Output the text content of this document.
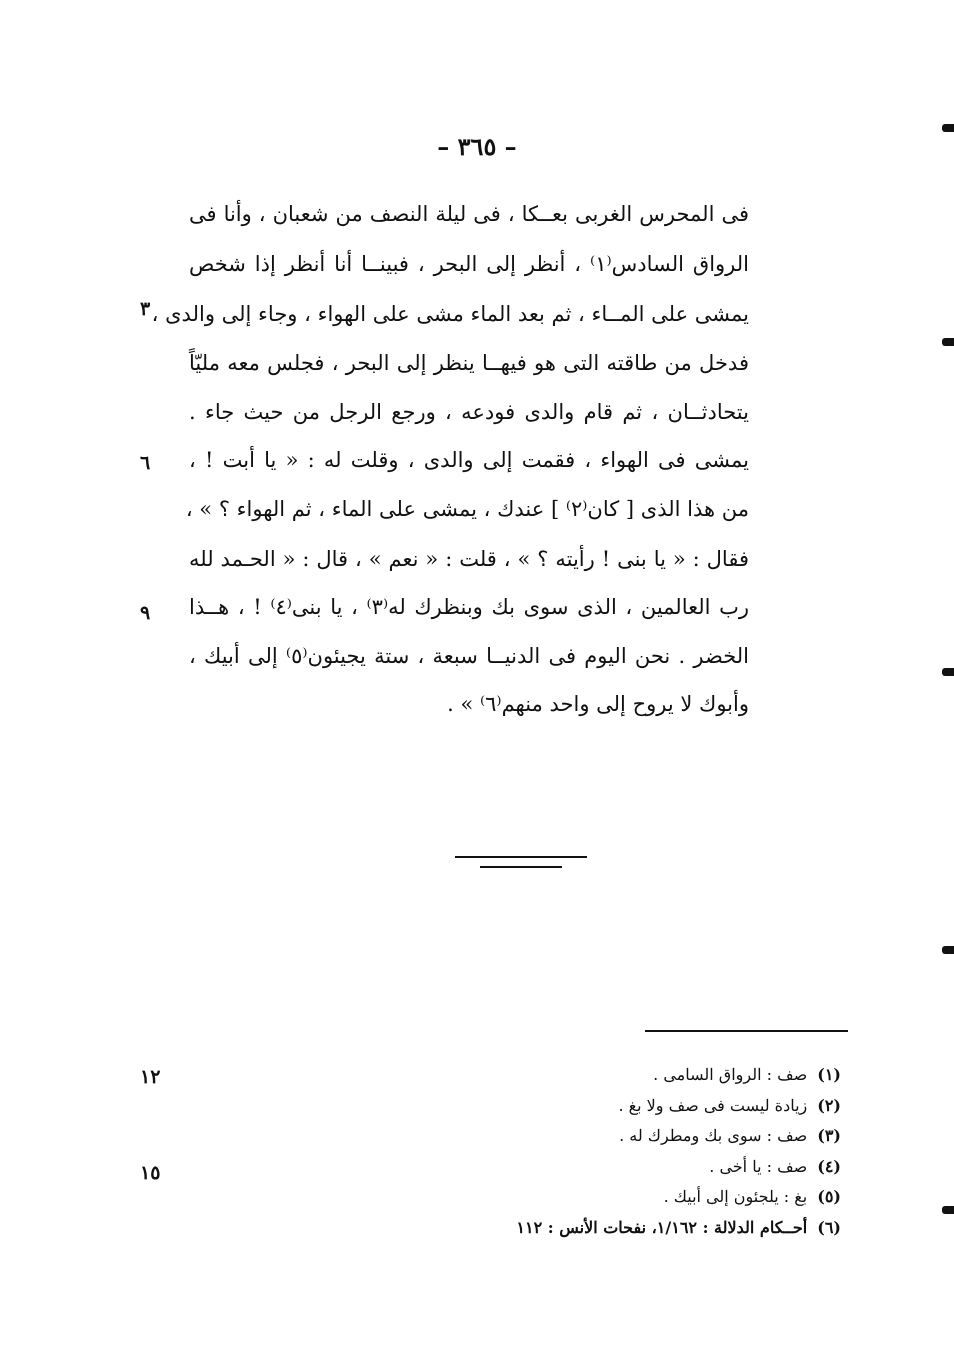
– ٣٦٥ –
فى المحرس الغربى بعــكا ، فى ليلة النصف من شعبان ، وأنا فى
الرواق السادس⁽١⁾ ، أنظر إلى البحر ، فبينــا أنا أنظر إذا شخص
يمشى على المــاء ، ثم بعد الماء مشى على الهواء ، وجاء إلى والدى ،
فدخل من طاقته التى هو فيهــا ينظر إلى البحر ، فجلس معه مليّاً
يتحادثــان ، ثم قام والدى فودعه ، ورجع الرجل من حيث جاء .
يمشى فى الهواء ، فقمت إلى والدى ، وقلت له : « يا أبت ! ،
من هذا الذى [ كان⁽٢⁾ ] عندك ، يمشى على الماء ، ثم الهواء ؟ » ،
فقال : « يا بنى ! رأيته ؟ » ، قلت : « نعم » ، قال : « الحـمد لله
رب العالمين ، الذى سوى بك وبنظرك له⁽٣⁾ ، يا بنى⁽٤⁾ ! ، هــذا
الخضر . نحن اليوم فى الدنيــا سبعة ، ستة يجيئون⁽٥⁾ إلى أبيك ،
وأبوك لا يروح إلى واحد منهم⁽٦⁾ » .
٣
٦
٩
١٢
١٥
(١)صف : الرواق السامى .
(٢)زيادة ليست فى صف ولا بغ .
(٣)صف : سوى بك ومطرك له .
(٤)صف : يا أخى .
(٥)بغ : يلجئون إلى أبيك .
(٦)أحــكام الدلالة : ١/١٦٢، نفحات الأنس : ١١٢
